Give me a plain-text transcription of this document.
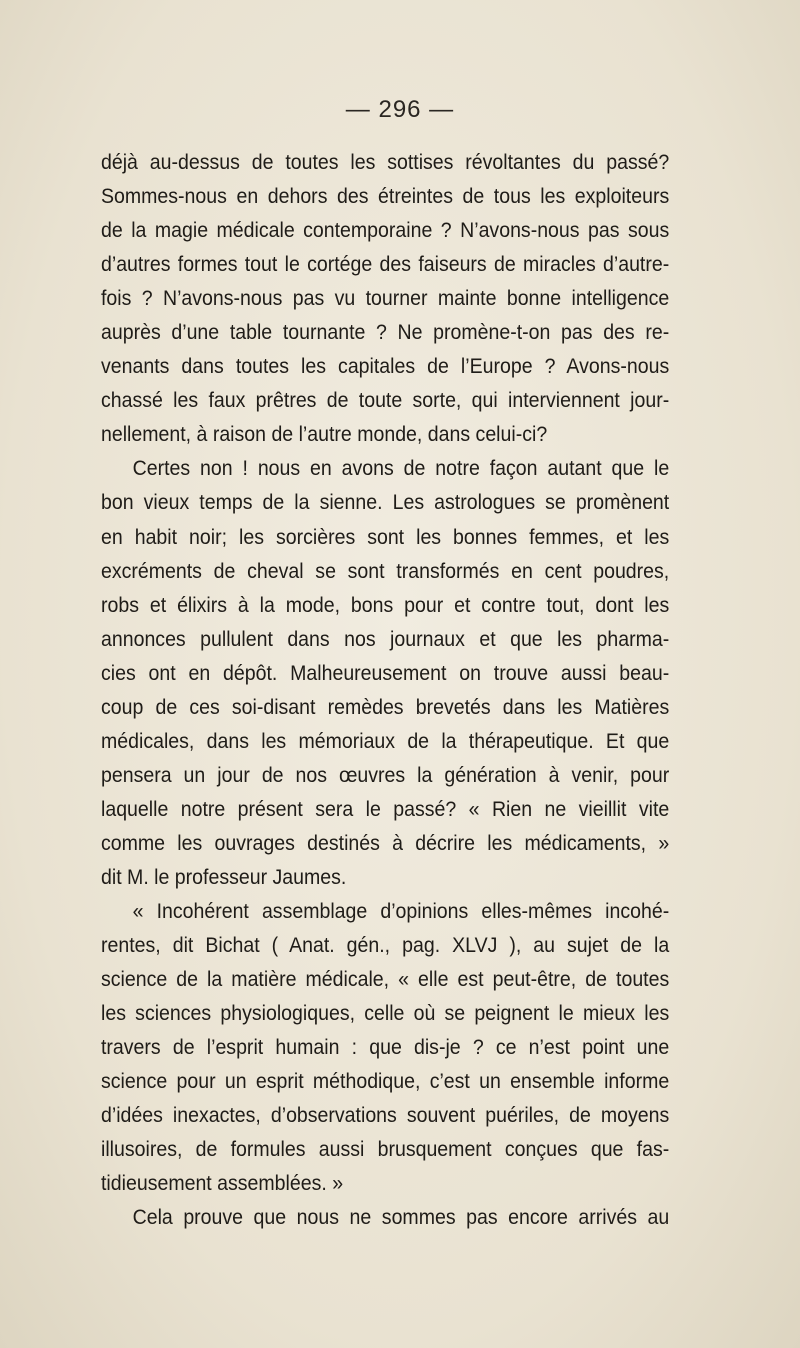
— 296 —
déjà au-dessus de toutes les sottises révoltantes du passé?
Sommes-nous en dehors des étreintes de tous les exploiteurs
de la magie médicale contemporaine ? N’avons-nous pas sous
d’autres formes tout le cortége des faiseurs de miracles d’autre-
fois ? N’avons-nous pas vu tourner mainte bonne intelligence
auprès d’une table tournante ? Ne promène-t-on pas des re-
venants dans toutes les capitales de l’Europe ? Avons-nous
chassé les faux prêtres de toute sorte, qui interviennent jour-
nellement, à raison de l’autre monde, dans celui-ci?
Certes non ! nous en avons de notre façon autant que le
bon vieux temps de la sienne. Les astrologues se promènent
en habit noir; les sorcières sont les bonnes femmes, et les
excréments de cheval se sont transformés en cent poudres,
robs et élixirs à la mode, bons pour et contre tout, dont les
annonces pullulent dans nos journaux et que les pharma-
cies ont en dépôt. Malheureusement on trouve aussi beau-
coup de ces soi-disant remèdes brevetés dans les Matières
médicales, dans les mémoriaux de la thérapeutique. Et que
pensera un jour de nos œuvres la génération à venir, pour
laquelle notre présent sera le passé? « Rien ne vieillit vite
comme les ouvrages destinés à décrire les médicaments, »
dit M. le professeur Jaumes.
« Incohérent assemblage d’opinions elles-mêmes incohé-
rentes, dit Bichat ( Anat. gén., pag. XLVJ ), au sujet de la
science de la matière médicale, « elle est peut-être, de toutes
les sciences physiologiques, celle où se peignent le mieux les
travers de l’esprit humain : que dis-je ? ce n’est point une
science pour un esprit méthodique, c’est un ensemble informe
d’idées inexactes, d’observations souvent puériles, de moyens
illusoires, de formules aussi brusquement conçues que fas-
tidieusement assemblées. »
Cela prouve que nous ne sommes pas encore arrivés au
